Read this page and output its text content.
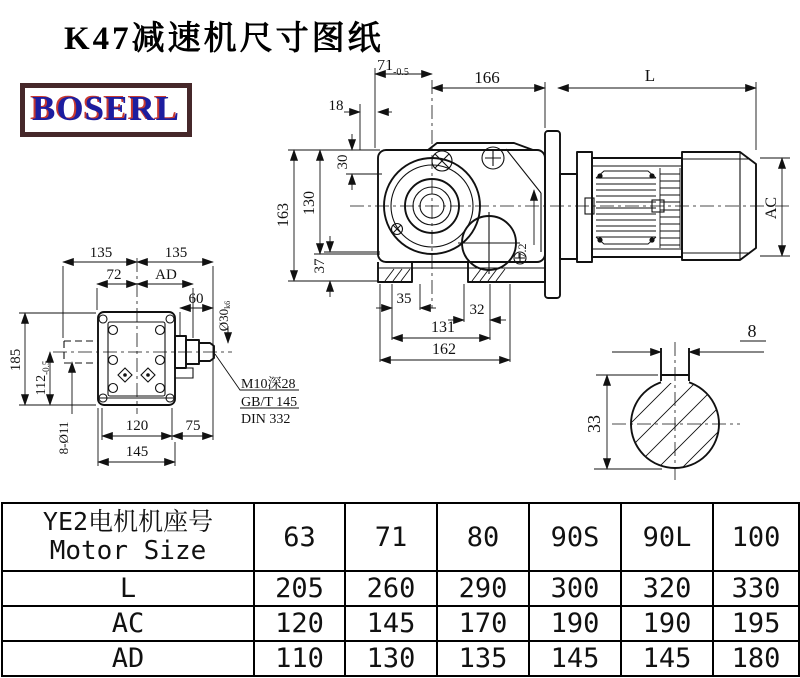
K47减速机尺寸图纸
BOSERL
$71_{-0.5}$	166	L
18
163 130
30
37
35
32
131
162
AC
7.2
135	135
72 AD
60
Ø30k6
185
$112_{-0.5}$
8-Ø11	120 75
145
M10深28
GB/T 145
DIN 332
8
33
YE2电机机座号
Motor Size	63	71	80	90S	90L	100
L	205	260	290	300	320	330
AC	120	145	170	190	190	195
AD	110	130	135	145	145	180
